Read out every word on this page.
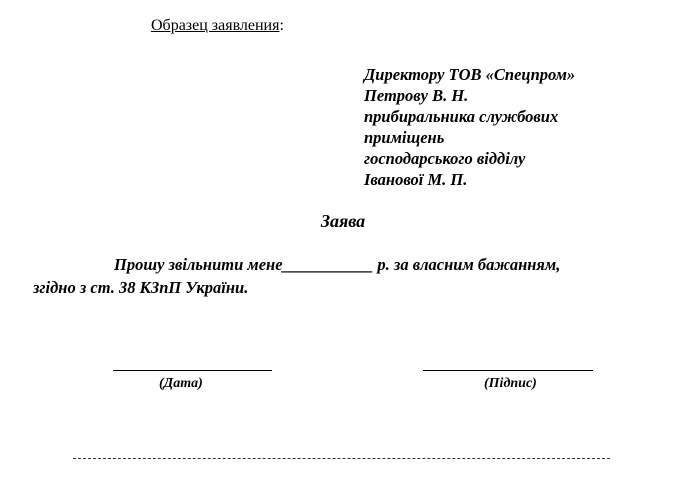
Образец заявления:
Директору ТОВ «Спецпром»
Петрову В. Н.
прибиральника службових
приміщень
господарського відділу
Іванової М. П.
Заява
Прошу звільнити мене___________ р. за власним бажанням,
згідно з ст. 38 КЗпП України.
(Дата)	(Підпис)
